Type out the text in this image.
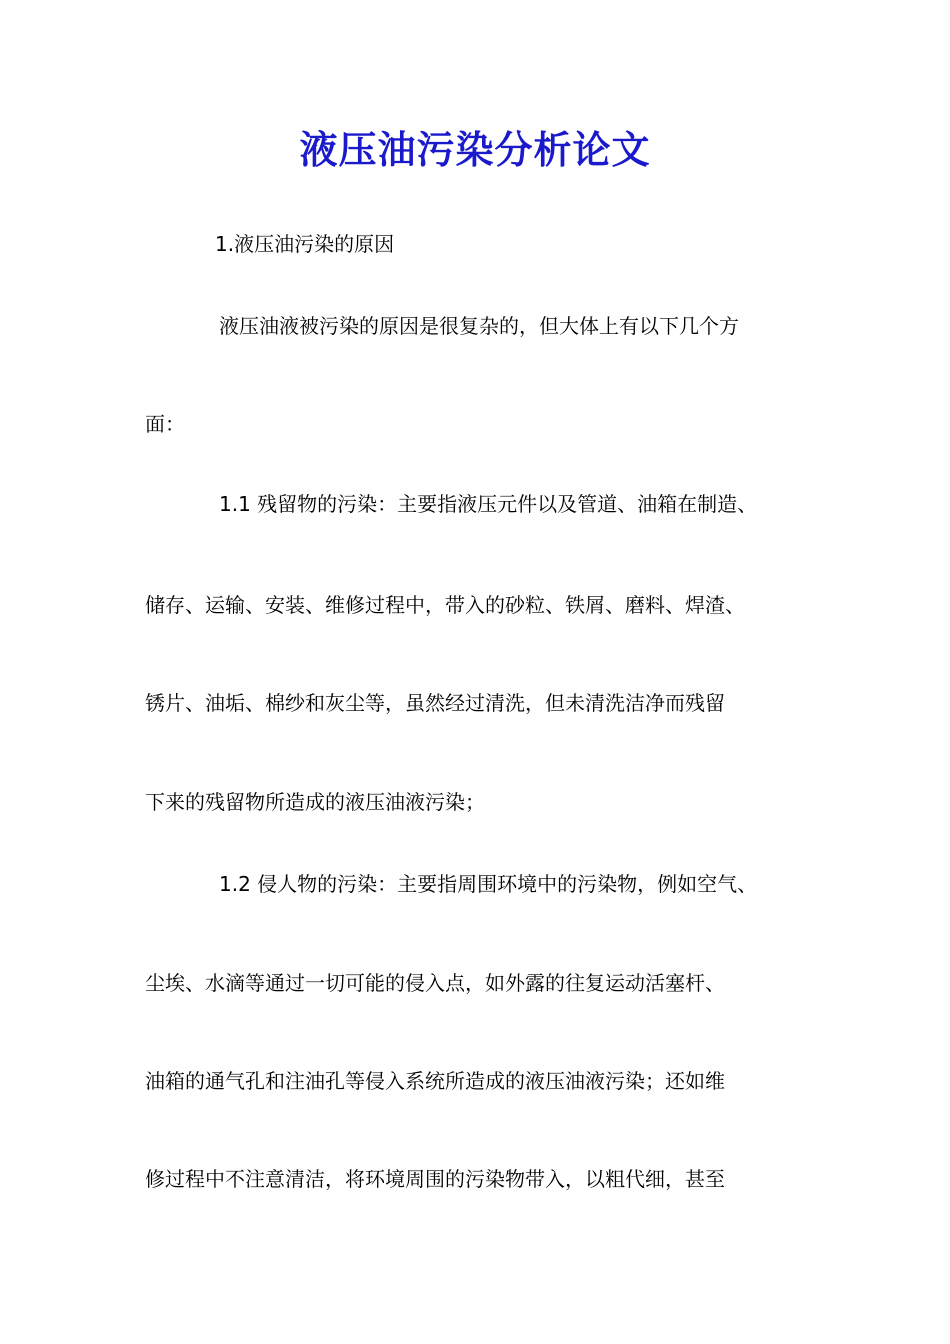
液压油污染分析论文

1.液压油污染的原因

液压油液被污染的原因是很复杂的，但大体上有以下几个方

面：

1.1 残留物的污染：主要指液压元件以及管道、油箱在制造、

储存、运输、安装、维修过程中，带入的砂粒、铁屑、磨料、焊渣、

锈片、油垢、棉纱和灰尘等，虽然经过清洗，但未清洗洁净而残留

下来的残留物所造成的液压油液污染；

1.2 侵人物的污染：主要指周围环境中的污染物，例如空气、

尘埃、水滴等通过一切可能的侵入点，如外露的往复运动活塞杆、

油箱的通气孔和注油孔等侵入系统所造成的液压油液污染；还如维

修过程中不注意清洁，将环境周围的污染物带入，以粗代细，甚至
